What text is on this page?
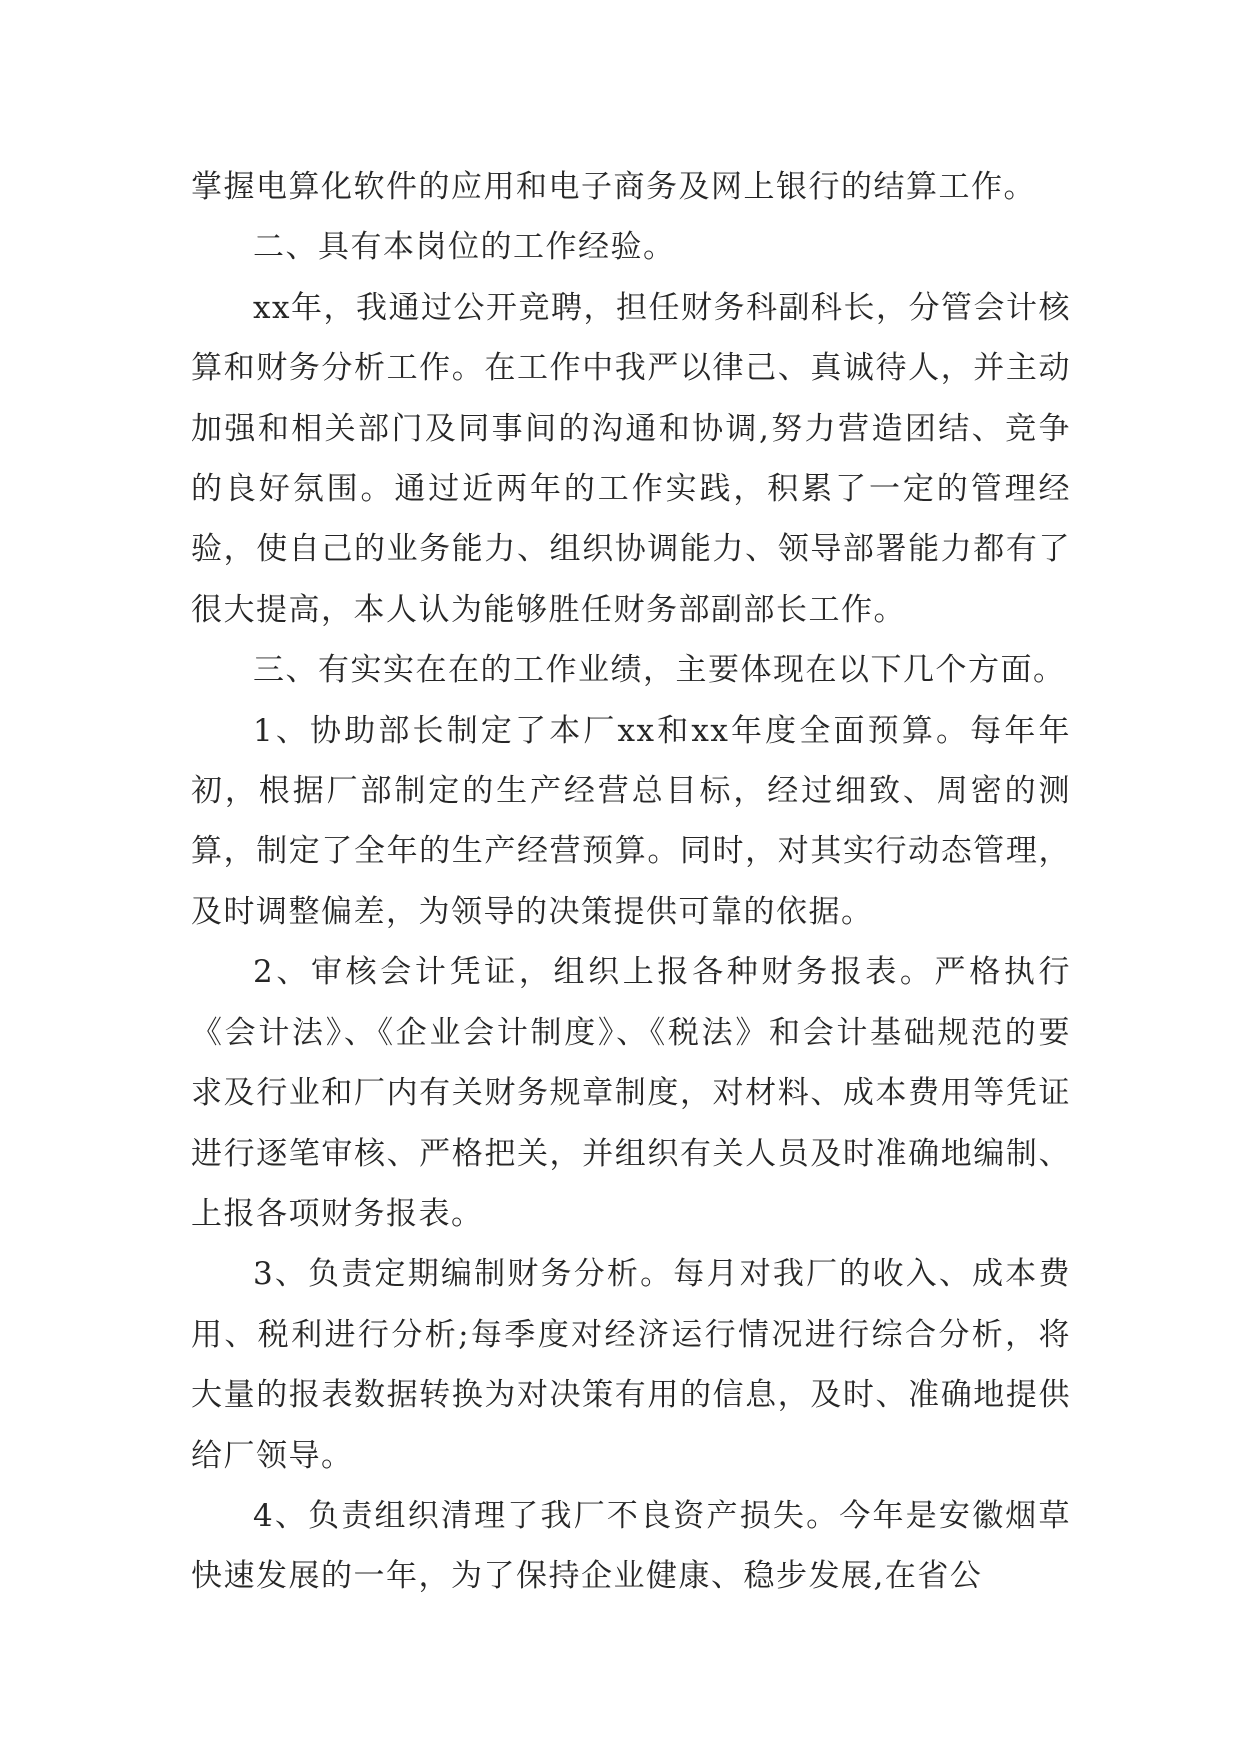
掌握电算化软件的应用和电子商务及网上银行的结算工作。

二、具有本岗位的工作经验。

xx年，我通过公开竞聘，担任财务科副科长，分管会计核算和财务分析工作。在工作中我严以律己、真诚待人，并主动加强和相关部门及同事间的沟通和协调,努力营造团结、竞争的良好氛围。通过近两年的工作实践，积累了一定的管理经验，使自己的业务能力、组织协调能力、领导部署能力都有了很大提高，本人认为能够胜任财务部副部长工作。

三、有实实在在的工作业绩，主要体现在以下几个方面。

1、协助部长制定了本厂xx和xx年度全面预算。每年年初，根据厂部制定的生产经营总目标，经过细致、周密的测算，制定了全年的生产经营预算。同时，对其实行动态管理，及时调整偏差，为领导的决策提供可靠的依据。

2、审核会计凭证，组织上报各种财务报表。严格执行《会计法》、《企业会计制度》、《税法》和会计基础规范的要求及行业和厂内有关财务规章制度，对材料、成本费用等凭证进行逐笔审核、严格把关，并组织有关人员及时准确地编制、上报各项财务报表。

3、负责定期编制财务分析。每月对我厂的收入、成本费用、税利进行分析;每季度对经济运行情况进行综合分析，将大量的报表数据转换为对决策有用的信息，及时、准确地提供给厂领导。

4、负责组织清理了我厂不良资产损失。今年是安徽烟草快速发展的一年，为了保持企业健康、稳步发展,在省公
